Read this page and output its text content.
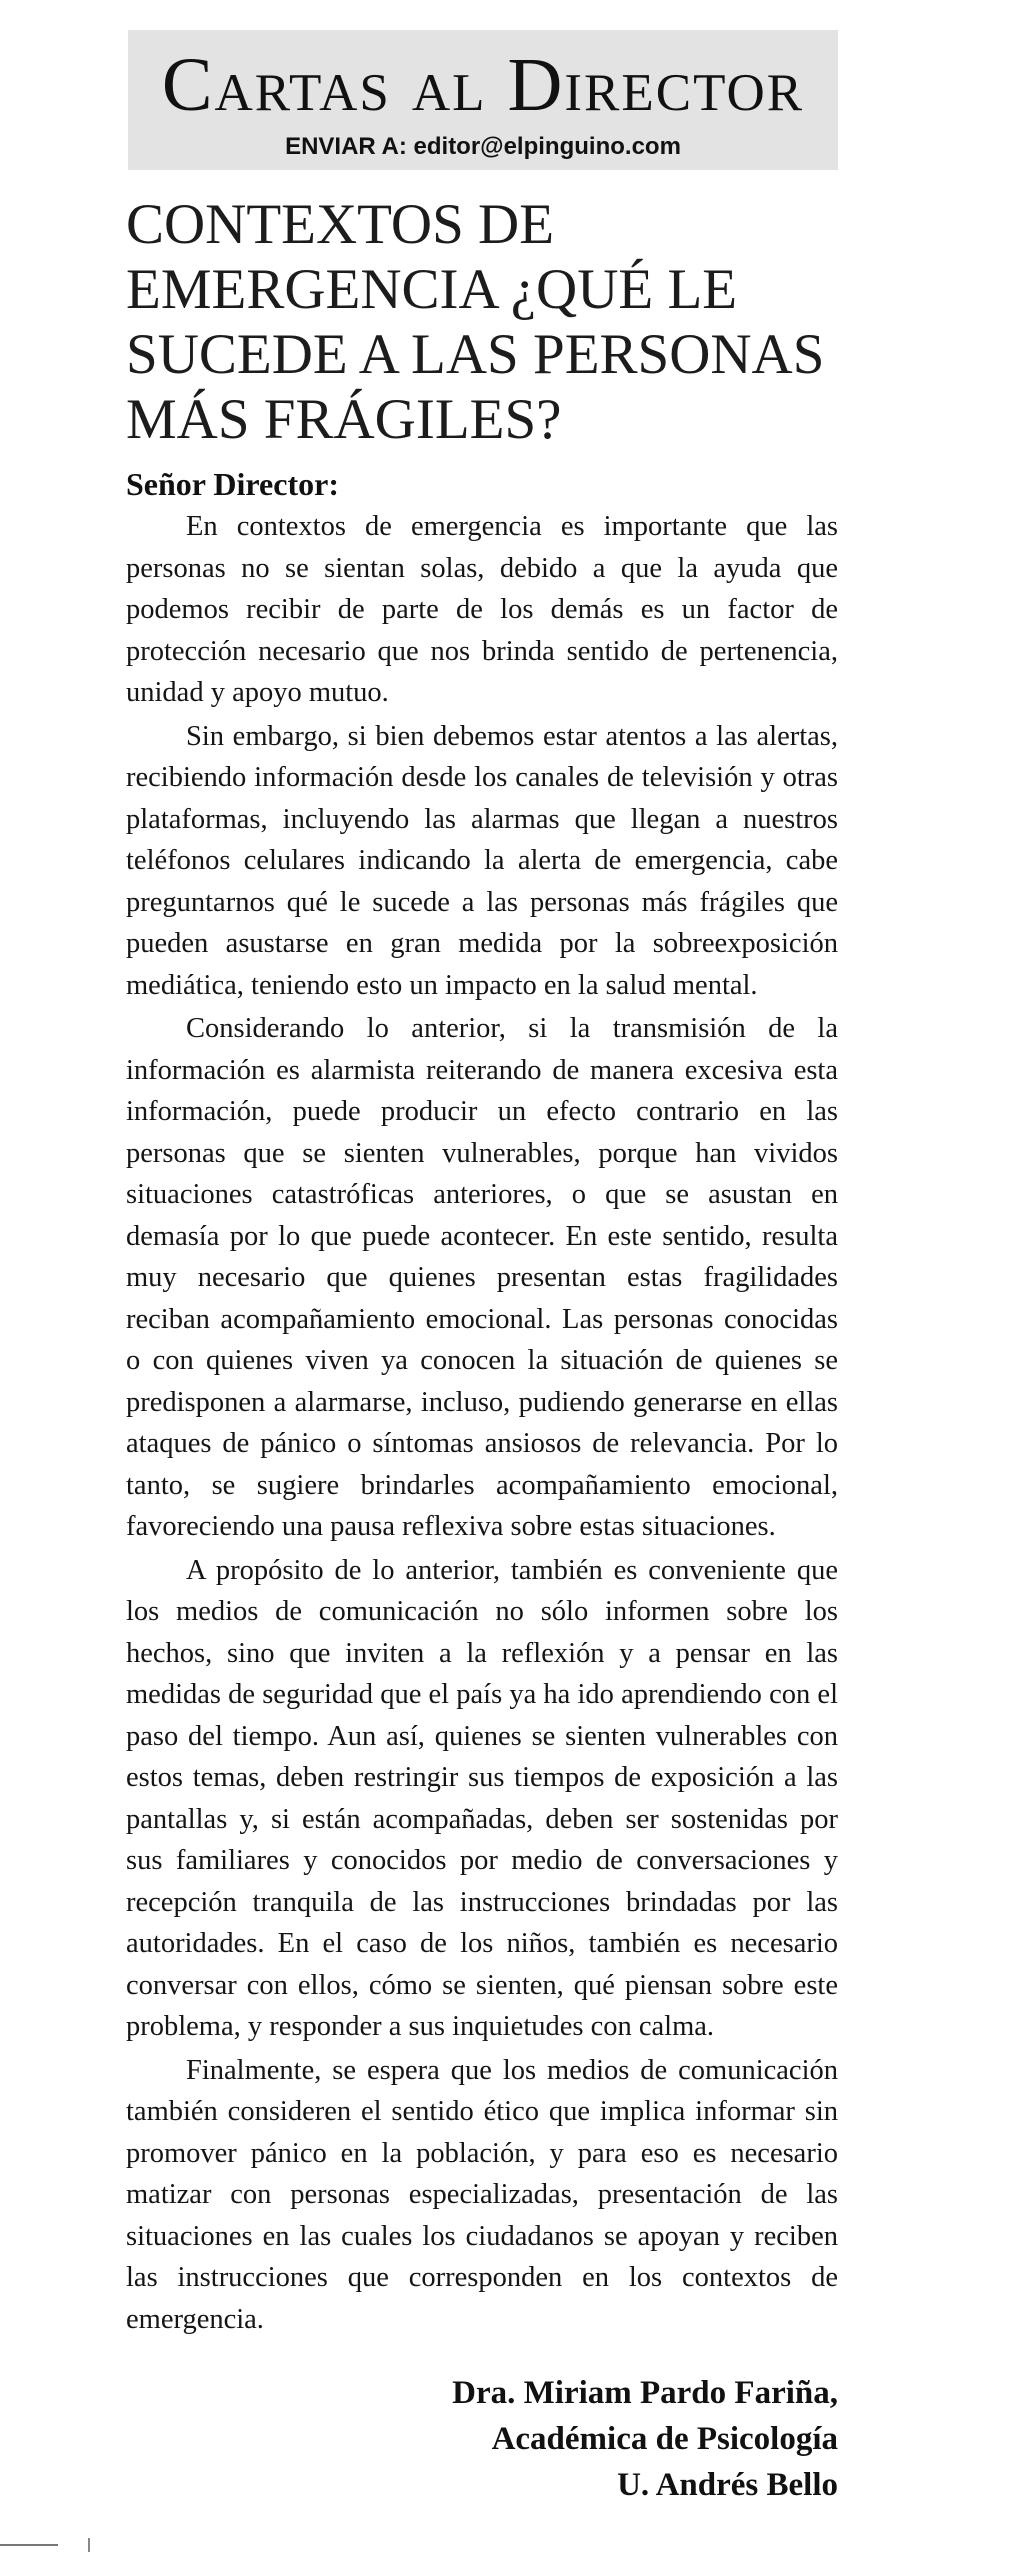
Cartas al Director
ENVIAR A: editor@elpinguino.com
CONTEXTOS DE
EMERGENCIA ¿QUÉ LE
SUCEDE A LAS PERSONAS
MÁS FRÁGILES?
Señor Director:

En contextos de emergencia es importante que las personas no se sientan solas, debido a que la ayuda que podemos recibir de parte de los demás es un factor de protección necesario que nos brinda sentido de pertenencia, unidad y apoyo mutuo.

Sin embargo, si bien debemos estar atentos a las alertas, recibiendo información desde los canales de televisión y otras plataformas, incluyendo las alarmas que llegan a nuestros teléfonos celulares indicando la alerta de emergencia, cabe preguntarnos qué le sucede a las personas más frágiles que pueden asustarse en gran medida por la sobreexposición mediática, teniendo esto un impacto en la salud mental.

Considerando lo anterior, si la transmisión de la información es alarmista reiterando de manera excesiva esta información, puede producir un efecto contrario en las personas que se sienten vulnerables, porque han vividos situaciones catastróficas anteriores, o que se asustan en demasía por lo que puede acontecer. En este sentido, resulta muy necesario que quienes presentan estas fragilidades reciban acompañamiento emocional. Las personas conocidas o con quienes viven ya conocen la situación de quienes se predisponen a alarmarse, incluso, pudiendo generarse en ellas ataques de pánico o síntomas ansiosos de relevancia. Por lo tanto, se sugiere brindarles acompañamiento emocional, favoreciendo una pausa reflexiva sobre estas situaciones.

A propósito de lo anterior, también es conveniente que los medios de comunicación no sólo informen sobre los hechos, sino que inviten a la reflexión y a pensar en las medidas de seguridad que el país ya ha ido aprendiendo con el paso del tiempo. Aun así, quienes se sienten vulnerables con estos temas, deben restringir sus tiempos de exposición a las pantallas y, si están acompañadas, deben ser sostenidas por sus familiares y conocidos por medio de conversaciones y recepción tranquila de las instrucciones brindadas por las autoridades. En el caso de los niños, también es necesario conversar con ellos, cómo se sienten, qué piensan sobre este problema, y responder a sus inquietudes con calma.

Finalmente, se espera que los medios de comunicación también consideren el sentido ético que implica informar sin promover pánico en la población, y para eso es necesario matizar con personas especializadas, presentación de las situaciones en las cuales los ciudadanos se apoyan y reciben las instrucciones que corresponden en los contextos de emergencia.

Dra. Miriam Pardo Fariña,
Académica de Psicología
U. Andrés Bello
